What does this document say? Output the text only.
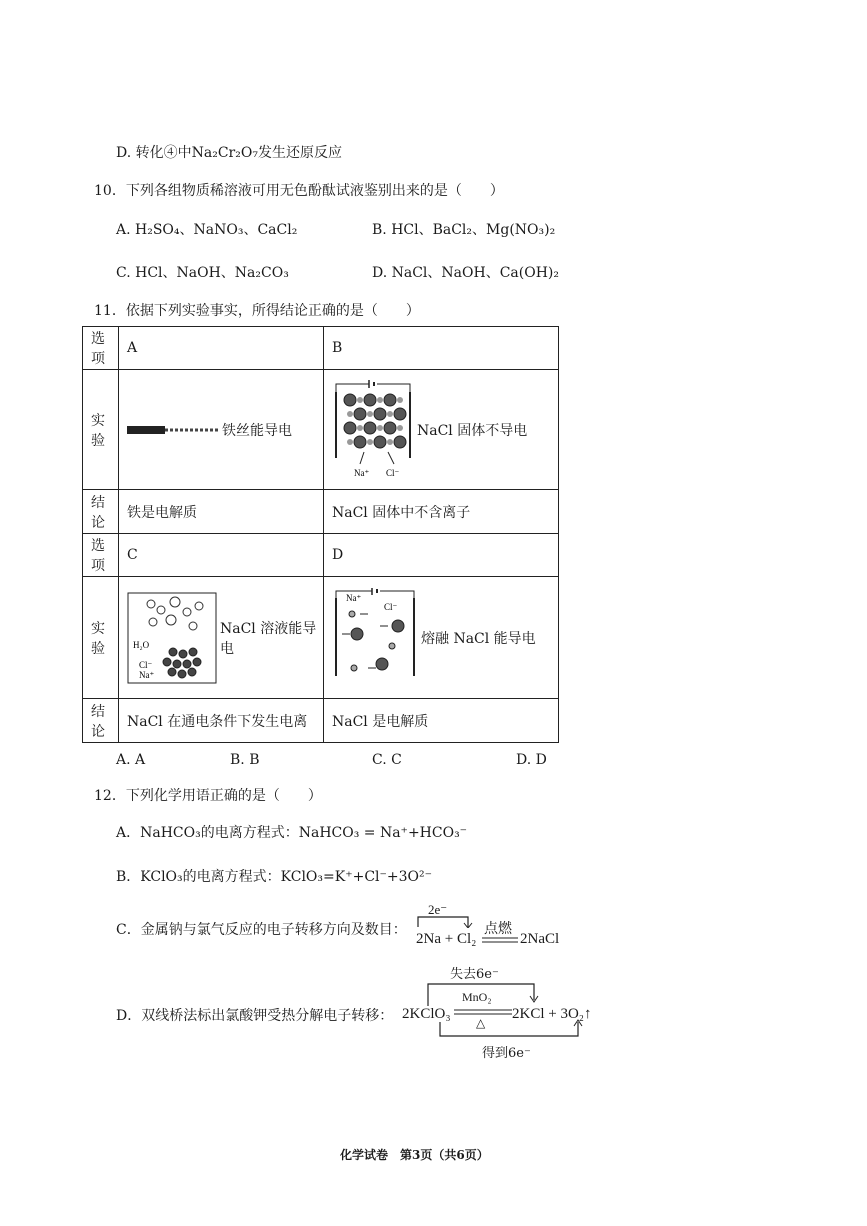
D. 转化④中Na₂Cr₂O₇发生还原反应
10．下列各组物质稀溶液可用无色酚酞试液鉴别出来的是（　　）
A. H₂SO₄、NaNO₃、CaCl₂	B. HCl、BaCl₂、Mg(NO₃)₂
C. HCl、NaOH、Na₂CO₃	D. NaCl、NaOH、Ca(OH)₂
11．依据下列实验事实，所得结论正确的是（　　）
选项	A	B
实验	铁丝能导电	Na⁺ Cl⁻
NaCl 固体不导电

结论	铁是电解质	NaCl 固体中不含离子
选项	C	D
实验	H₂O
Cl⁻
Na⁺
NaCl 溶液能导电	Na⁺
Cl⁻
熔融 NaCl 能导电

结论	NaCl 在通电条件下发生电离	NaCl 是电解质
A. A	B. B	C. C	D. D
12．下列化学用语正确的是（　　）
A．NaHCO₃的电离方程式：NaHCO₃ = Na⁺+HCO₃⁻
B．KClO₃的电离方程式：KClO₃=K⁺+Cl⁻+3O²⁻
C．金属钠与氯气反应的电子转移方向及数目：
2e⁻
点燃
2Na + Cl₂	2NaCl
D．双线桥法标出氯酸钾受热分解电子转移：
失去6e⁻
MnO₂
△
2KClO₃	2KCl + 3O₂↑
得到6e⁻
化学试卷　第3页（共6页）
